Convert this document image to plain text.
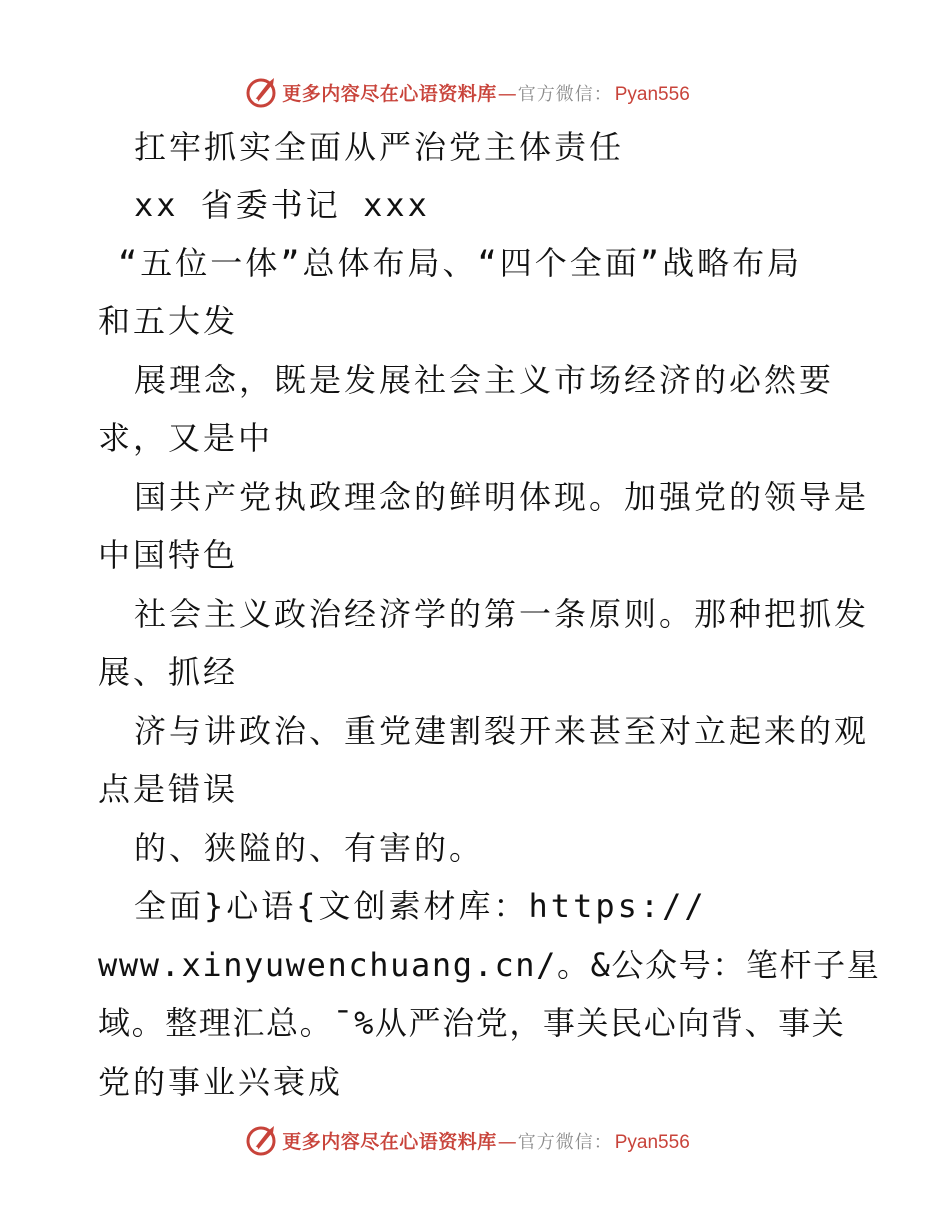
更多内容尽在心语资料库 — 官方微信： Pyan556
扛牢抓实全面从严治党主体责任
xx 省委书记 xxx
“五位一体”总体布局、“四个全面”战略布局
和五大发
展理念，既是发展社会主义市场经济的必然要
求，又是中
国共产党执政理念的鲜明体现。加强党的领导是
中国特色
社会主义政治经济学的第一条原则。那种把抓发
展、抓经
济与讲政治、重党建割裂开来甚至对立起来的观
点是错误
的、狭隘的、有害的。
全面}心语{文创素材库：https://
www.xinyuwenchuang.cn/。&公众号：笔杆子星
域。整理汇总。¯%从严治党，事关民心向背、事关
党的事业兴衰成
更多内容尽在心语资料库 — 官方微信： Pyan556
